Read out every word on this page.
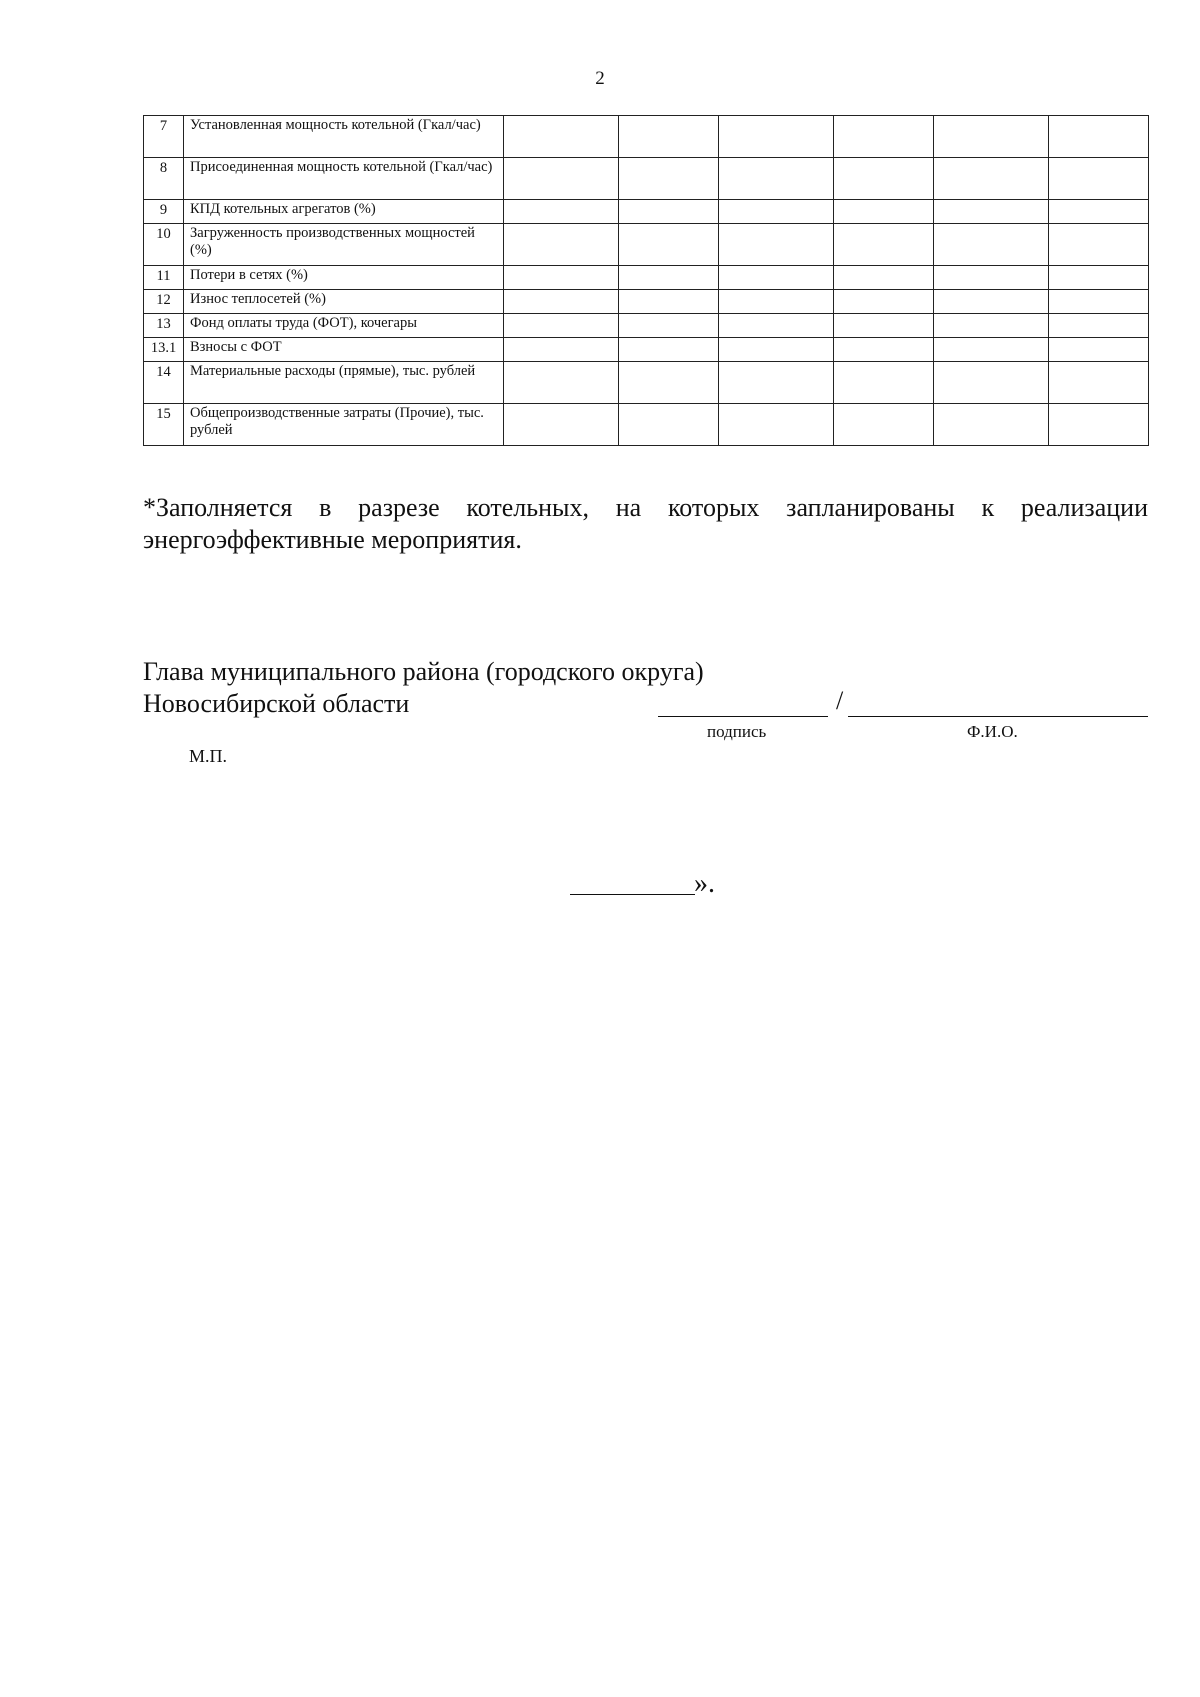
2
7	Установленная мощность котельной (Гкал/час)						
8	Присоединенная мощность котельной (Гкал/час)						
9	КПД котельных агрегатов (%)						
10	Загруженность производственных мощностей (%)						
11	Потери в сетях (%)						
12	Износ теплосетей (%)						
13	Фонд оплаты труда (ФОТ), кочегары						
13.1	Взносы с ФОТ						
14	Материальные расходы (прямые), тыс. рублей						
15	Общепроизводственные затраты (Прочие), тыс. рублей						
*Заполняется в разрезе котельных, на которых запланированы к реализации энергоэффективные мероприятия.
Глава муниципального района (городского округа)
Новосибирской области	/
подпись	Ф.И.О.
М.П.
».
